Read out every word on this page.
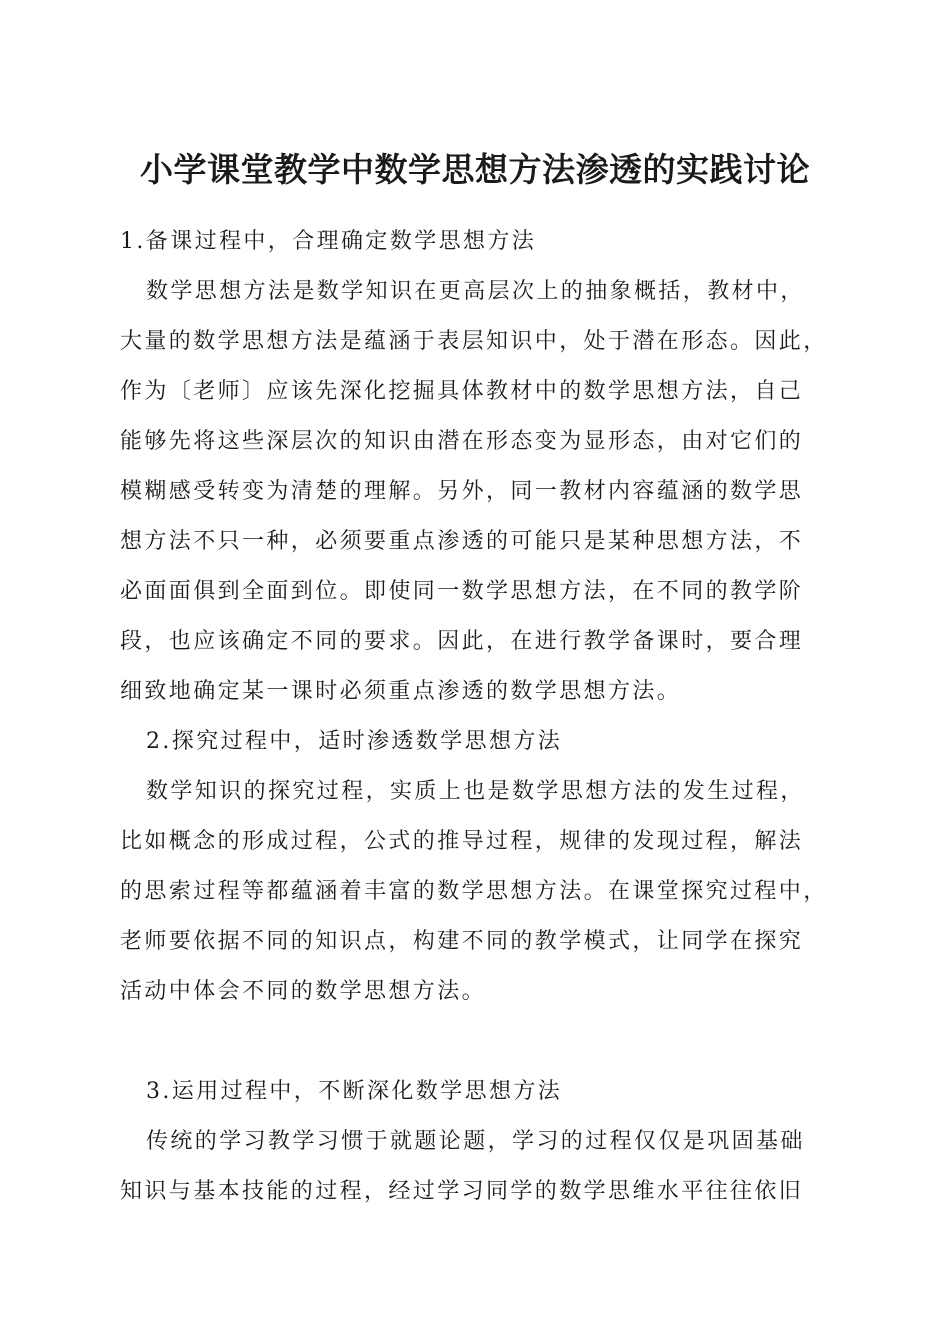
小学课堂教学中数学思想方法渗透的实践讨论
1.备课过程中，合理确定数学思想方法
数学思想方法是数学知识在更高层次上的抽象概括，教材中，
大量的数学思想方法是蕴涵于表层知识中，处于潜在形态。因此，
作为〔老师〕应该先深化挖掘具体教材中的数学思想方法，自己
能够先将这些深层次的知识由潜在形态变为显形态，由对它们的
模糊感受转变为清楚的理解。另外，同一教材内容蕴涵的数学思
想方法不只一种，必须要重点渗透的可能只是某种思想方法，不
必面面俱到全面到位。即使同一数学思想方法，在不同的教学阶
段，也应该确定不同的要求。因此，在进行教学备课时，要合理
细致地确定某一课时必须重点渗透的数学思想方法。
2.探究过程中，适时渗透数学思想方法
数学知识的探究过程，实质上也是数学思想方法的发生过程，
比如概念的形成过程，公式的推导过程，规律的发现过程，解法
的思索过程等都蕴涵着丰富的数学思想方法。在课堂探究过程中，
老师要依据不同的知识点，构建不同的教学模式，让同学在探究
活动中体会不同的数学思想方法。
3.运用过程中，不断深化数学思想方法
传统的学习教学习惯于就题论题，学习的过程仅仅是巩固基础
知识与基本技能的过程，经过学习同学的数学思维水平往往依旧
